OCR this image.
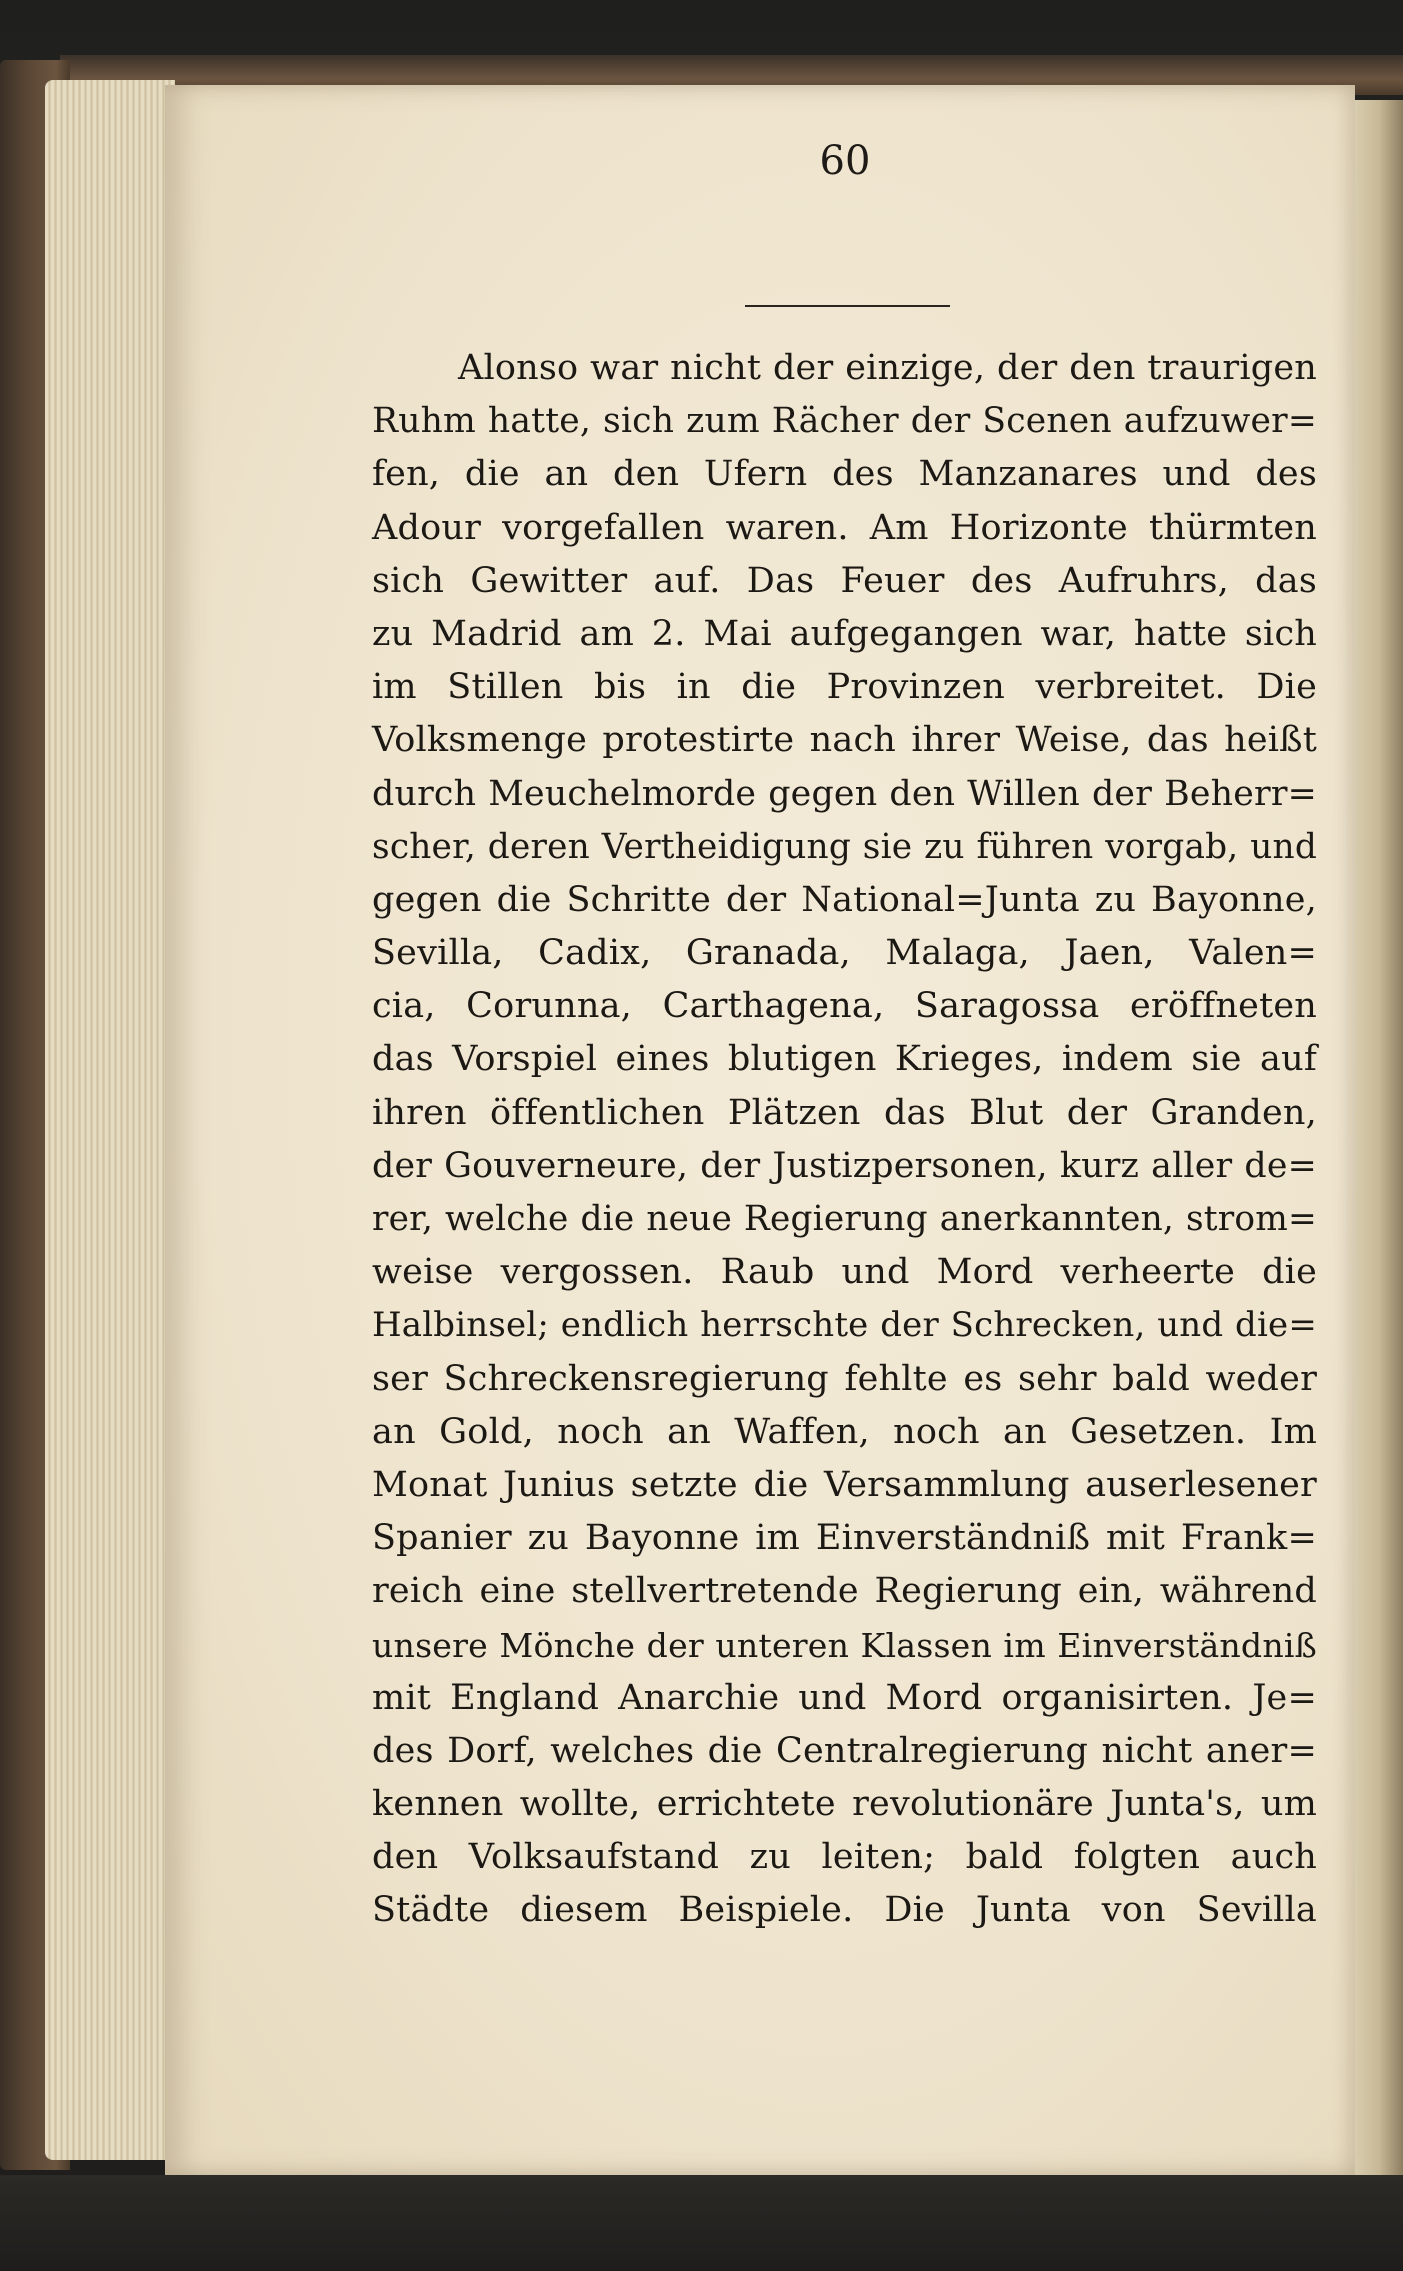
60
Alonso war nicht der einzige, der den traurigen
Ruhm hatte, sich zum Rächer der Scenen aufzuwer=
fen, die an den Ufern des Manzanares und des
Adour vorgefallen waren. Am Horizonte thürmten
sich Gewitter auf. Das Feuer des Aufruhrs, das
zu Madrid am 2. Mai aufgegangen war, hatte sich
im Stillen bis in die Provinzen verbreitet. Die
Volksmenge protestirte nach ihrer Weise, das heißt
durch Meuchelmorde gegen den Willen der Beherr=
scher, deren Vertheidigung sie zu führen vorgab, und
gegen die Schritte der National=Junta zu Bayonne,
Sevilla, Cadix, Granada, Malaga, Jaen, Valen=
cia, Corunna, Carthagena, Saragossa eröffneten
das Vorspiel eines blutigen Krieges, indem sie auf
ihren öffentlichen Plätzen das Blut der Granden,
der Gouverneure, der Justizpersonen, kurz aller de=
rer, welche die neue Regierung anerkannten, strom=
weise vergossen. Raub und Mord verheerte die
Halbinsel; endlich herrschte der Schrecken, und die=
ser Schreckensregierung fehlte es sehr bald weder
an Gold, noch an Waffen, noch an Gesetzen. Im
Monat Junius setzte die Versammlung auserlesener
Spanier zu Bayonne im Einverständniß mit Frank=
reich eine stellvertretende Regierung ein, während
unsere Mönche der unteren Klassen im Einverständniß
mit England Anarchie und Mord organisirten. Je=
des Dorf, welches die Centralregierung nicht aner=
kennen wollte, errichtete revolutionäre Junta's, um
den Volksaufstand zu leiten; bald folgten auch
Städte diesem Beispiele. Die Junta von Sevilla
